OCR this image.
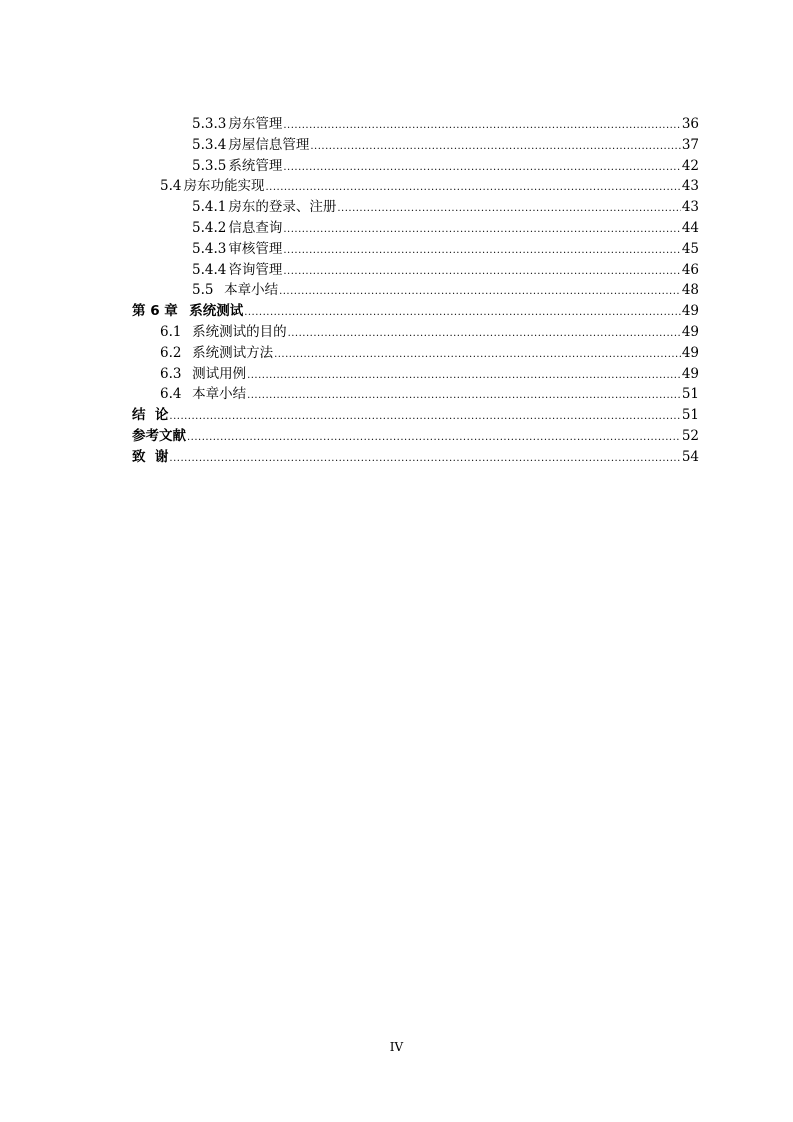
5.3.3 房东管理 .....	36
5.3.4 房屋信息管理 .....	37
5.3.5 系统管理 .....	42
5.4 房东功能实现 .....	43
5.4.1 房东的登录、注册 .....	43
5.4.2 信息查询 .....	44
5.4.3 审核管理 .....	45
5.4.4 咨询管理 .....	46
5.5  本章小结 .....	48
第 6 章  系统测试 .....	49
6.1  系统测试的目的 .....	49
6.2  系统测试方法 .....	49
6.3  测试用例 .....	49
6.4  本章小结 .....	51
结  论 .....	51
参考文献 .....	52
致  谢 .....	54
IV
